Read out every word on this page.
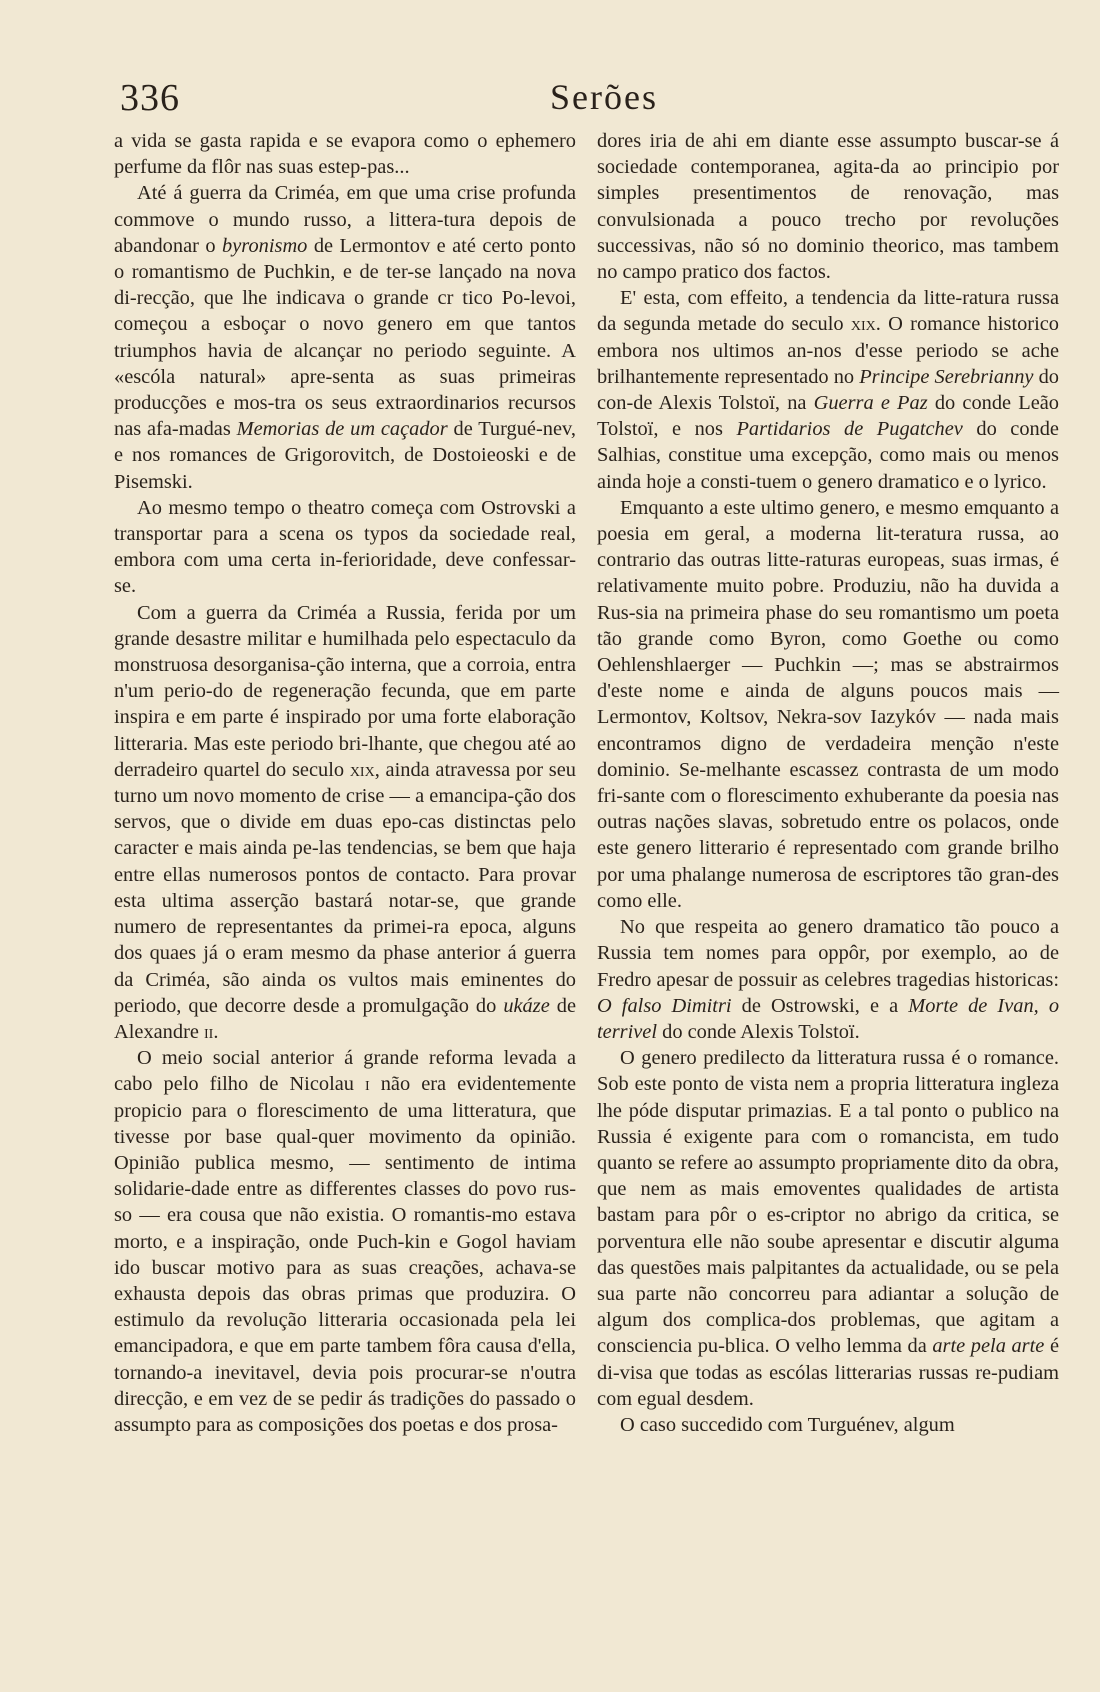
336	Serões

a vida se gasta rapida e se evapora como o ephemero perfume da flôr nas suas estep-pas...

Até á guerra da Criméa, em que uma crise profunda commove o mundo russo, a littera-tura depois de abandonar o byronismo de Lermontov e até certo ponto o romantismo de Puchkin, e de ter-se lançado na nova di-recção, que lhe indicava o grande cr tico Po-levoi, começou a esboçar o novo genero em que tantos triumphos havia de alcançar no periodo seguinte. A «escóla natural» apre-senta as suas primeiras producções e mos-tra os seus extraordinarios recursos nas afa-madas Memorias de um caçador de Turgué-nev, e nos romances de Grigorovitch, de Dostoieoski e de Pisemski.

Ao mesmo tempo o theatro começa com Ostrovski a transportar para a scena os typos da sociedade real, embora com uma certa in-ferioridade, deve confessar-se.

Com a guerra da Criméa a Russia, ferida por um grande desastre militar e humilhada pelo espectaculo da monstruosa desorganisa-ção interna, que a corroia, entra n'um perio-do de regeneração fecunda, que em parte inspira e em parte é inspirado por uma forte elaboração litteraria. Mas este periodo bri-lhante, que chegou até ao derradeiro quartel do seculo xix, ainda atravessa por seu turno um novo momento de crise — a emancipa-ção dos servos, que o divide em duas epo-cas distinctas pelo caracter e mais ainda pe-las tendencias, se bem que haja entre ellas numerosos pontos de contacto. Para provar esta ultima asserção bastará notar-se, que grande numero de representantes da primei-ra epoca, alguns dos quaes já o eram mesmo da phase anterior á guerra da Criméa, são ainda os vultos mais eminentes do periodo, que decorre desde a promulgação do ukáze de Alexandre ii.

O meio social anterior á grande reforma levada a cabo pelo filho de Nicolau i não era evidentemente propicio para o florescimento de uma litteratura, que tivesse por base qual-quer movimento da opinião. Opinião publica mesmo, — sentimento de intima solidarie-dade entre as differentes classes do povo rus-so — era cousa que não existia. O romantis-mo estava morto, e a inspiração, onde Puch-kin e Gogol haviam ido buscar motivo para as suas creações, achava-se exhausta depois das obras primas que produzira. O estimulo da revolução litteraria occasionada pela lei emancipadora, e que em parte tambem fôra causa d'ella, tornando-a inevitavel, devia pois procurar-se n'outra direcção, e em vez de se pedir ás tradições do passado o assumpto para as composições dos poetas e dos prosa-

dores iria de ahi em diante esse assumpto buscar-se á sociedade contemporanea, agita-da ao principio por simples presentimentos de renovação, mas convulsionada a pouco trecho por revoluções successivas, não só no dominio theorico, mas tambem no campo pratico dos factos.

E' esta, com effeito, a tendencia da litte-ratura russa da segunda metade do seculo xix. O romance historico embora nos ultimos an-nos d'esse periodo se ache brilhantemente representado no Principe Serebrianny do con-de Alexis Tolstoï, na Guerra e Paz do conde Leão Tolstoï, e nos Partidarios de Pugatchev do conde Salhias, constitue uma excepção, como mais ou menos ainda hoje a consti-tuem o genero dramatico e o lyrico.

Emquanto a este ultimo genero, e mesmo emquanto a poesia em geral, a moderna lit-teratura russa, ao contrario das outras litte-raturas europeas, suas irmas, é relativamente muito pobre. Produziu, não ha duvida a Rus-sia na primeira phase do seu romantismo um poeta tão grande como Byron, como Goethe ou como Oehlenshlaerger — Puchkin —; mas se abstrairmos d'este nome e ainda de alguns poucos mais — Lermontov, Koltsov, Nekra-sov Iazykóv — nada mais encontramos digno de verdadeira menção n'este dominio. Se-melhante escassez contrasta de um modo fri-sante com o florescimento exhuberante da poesia nas outras nações slavas, sobretudo entre os polacos, onde este genero litterario é representado com grande brilho por uma phalange numerosa de escriptores tão gran-des como elle.

No que respeita ao genero dramatico tão pouco a Russia tem nomes para oppôr, por exemplo, ao de Fredro apesar de possuir as celebres tragedias historicas: O falso Dimitri de Ostrowski, e a Morte de Ivan, o terrivel do conde Alexis Tolstoï.

O genero predilecto da litteratura russa é o romance. Sob este ponto de vista nem a propria litteratura ingleza lhe póde disputar primazias. E a tal ponto o publico na Russia é exigente para com o romancista, em tudo quanto se refere ao assumpto propriamente dito da obra, que nem as mais emoventes qualidades de artista bastam para pôr o es-criptor no abrigo da critica, se porventura elle não soube apresentar e discutir alguma das questões mais palpitantes da actualidade, ou se pela sua parte não concorreu para adiantar a solução de algum dos complica-dos problemas, que agitam a consciencia pu-blica. O velho lemma da arte pela arte é di-visa que todas as escólas litterarias russas re-pudiam com egual desdem.

O caso succedido com Turguénev, algum
